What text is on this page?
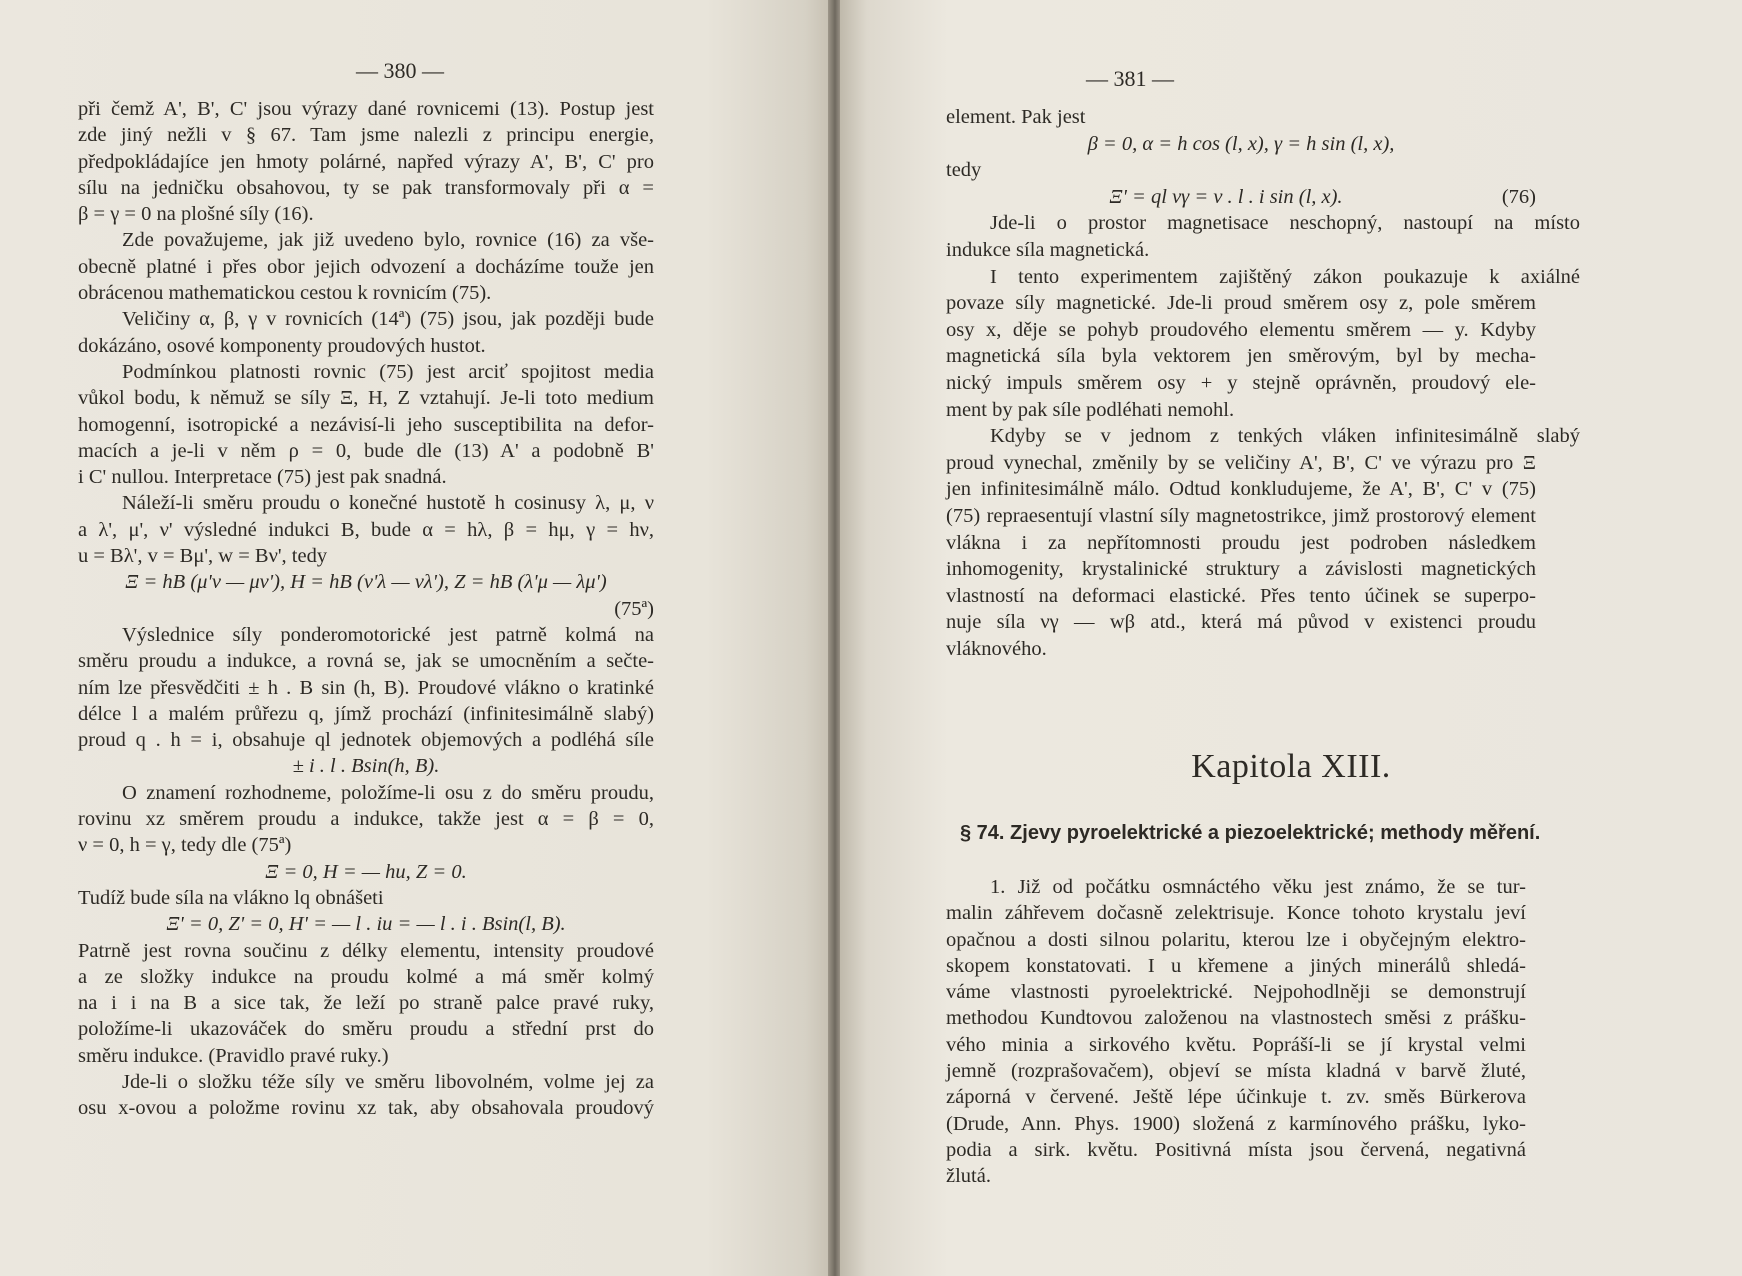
— 380 —
při čemž A', B', C' jsou výrazy dané rovnicemi (13). Postup jest
zde jiný nežli v § 67. Tam jsme nalezli z principu energie,
předpokládajíce jen hmoty polárné, napřed výrazy A', B', C' pro
sílu na jedničku obsahovou, ty se pak transformovaly při α =
β = γ = 0 na plošné síly (16).
Zde považujeme, jak již uvedeno bylo, rovnice (16) za vše-
obecně platné i přes obor jejich odvození a docházíme touže jen
obrácenou mathematickou cestou k rovnicím (75).
Veličiny α, β, γ v rovnicích (14ª) (75) jsou, jak později bude
dokázáno, osové komponenty proudových hustot.
Podmínkou platnosti rovnic (75) jest arciť spojitost media
vůkol bodu, k němuž se síly Ξ, H, Z vztahují. Je-li toto medium
homogenní, isotropické a nezávisí-li jeho susceptibilita na defor-
macích a je-li v něm ρ = 0, bude dle (13) A' a podobně B'
i C' nullou. Interpretace (75) jest pak snadná.
Náleží-li směru proudu o konečné hustotě h cosinusy λ, μ, ν
a λ', μ', ν' výsledné indukci B, bude α = hλ, β = hμ, γ = hν,
u = Bλ', v = Bμ', w = Bν', tedy
Ξ = hB (μ'ν — μν'), H = hB (ν'λ — νλ'), Z = hB (λ'μ — λμ')
(75ª)
Výslednice síly ponderomotorické jest patrně kolmá na
směru proudu a indukce, a rovná se, jak se umocněním a sečte-
ním lze přesvědčiti ± h . B sin (h, B). Proudové vlákno o kratinké
délce l a malém průřezu q, jímž prochází (infinitesimálně slabý)
proud q . h = i, obsahuje ql jednotek objemových a podléhá síle
± i . l . Bsin(h, B).
O znamení rozhodneme, položíme-li osu z do směru proudu,
rovinu xz směrem proudu a indukce, takže jest α = β = 0,
ν = 0, h = γ, tedy dle (75ª)
Ξ = 0, H = — hu, Z = 0.
Tudíž bude síla na vlákno lq obnášeti
Ξ' = 0, Z' = 0, H' = — l . iu = — l . i . Bsin(l, B).
Patrně jest rovna součinu z délky elementu, intensity proudové
a ze složky indukce na proudu kolmé a má směr kolmý
na i i na B a sice tak, že leží po straně palce pravé ruky,
položíme-li ukazováček do směru proudu a střední prst do
směru indukce. (Pravidlo pravé ruky.)
Jde-li o složku téže síly ve směru libovolném, volme jej za
osu x-ovou a položme rovinu xz tak, aby obsahovala proudový
— 381 —
element. Pak jest
β = 0, α = h cos (l, x), γ = h sin (l, x),
tedy
Ξ' = ql νγ = ν . l . i sin (l, x).	(76)
Jde-li o prostor magnetisace neschopný, nastoupí na místo
indukce síla magnetická.
I tento experimentem zajištěný zákon poukazuje k axiálné
povaze síly magnetické. Jde-li proud směrem osy z, pole směrem
osy x, děje se pohyb proudového elementu směrem — y. Kdyby
magnetická síla byla vektorem jen směrovým, byl by mecha-
nický impuls směrem osy + y stejně oprávněn, proudový ele-
ment by pak síle podléhati nemohl.
Kdyby se v jednom z tenkých vláken infinitesimálně slabý
proud vynechal, změnily by se veličiny A', B', C' ve výrazu pro Ξ
jen infinitesimálně málo. Odtud konkludujeme, že A', B', C' v (75)
(75) repraesentují vlastní síly magnetostrikce, jimž prostorový element
vlákna i za nepřítomnosti proudu jest podroben následkem
inhomogenity, krystalinické struktury a závislosti magnetických
vlastností na deformaci elastické. Přes tento účinek se superpo-
nuje síla νγ — wβ atd., která má původ v existenci proudu
vláknového.
Kapitola XIII.
§ 74. Zjevy pyroelektrické a piezoelektrické; methody měření.
1. Již od počátku osmnáctého věku jest známo, že se tur-
malin záhřevem dočasně zelektrisuje. Konce tohoto krystalu jeví
opačnou a dosti silnou polaritu, kterou lze i obyčejným elektro-
skopem konstatovati. I u křemene a jiných minerálů shledá-
váme vlastnosti pyroelektrické. Nejpohodlněji se demonstrují
methodou Kundtovou založenou na vlastnostech směsi z prášku-
vého minia a sirkového květu. Popráší-li se jí krystal velmi
jemně (rozprašovačem), objeví se místa kladná v barvě žluté,
záporná v červené. Ještě lépe účinkuje t. zv. směs Bürkerova
(Drude, Ann. Phys. 1900) složená z karmínového prášku, lyko-
podia a sirk. květu. Positivná místa jsou červená, negativná
žlutá.
